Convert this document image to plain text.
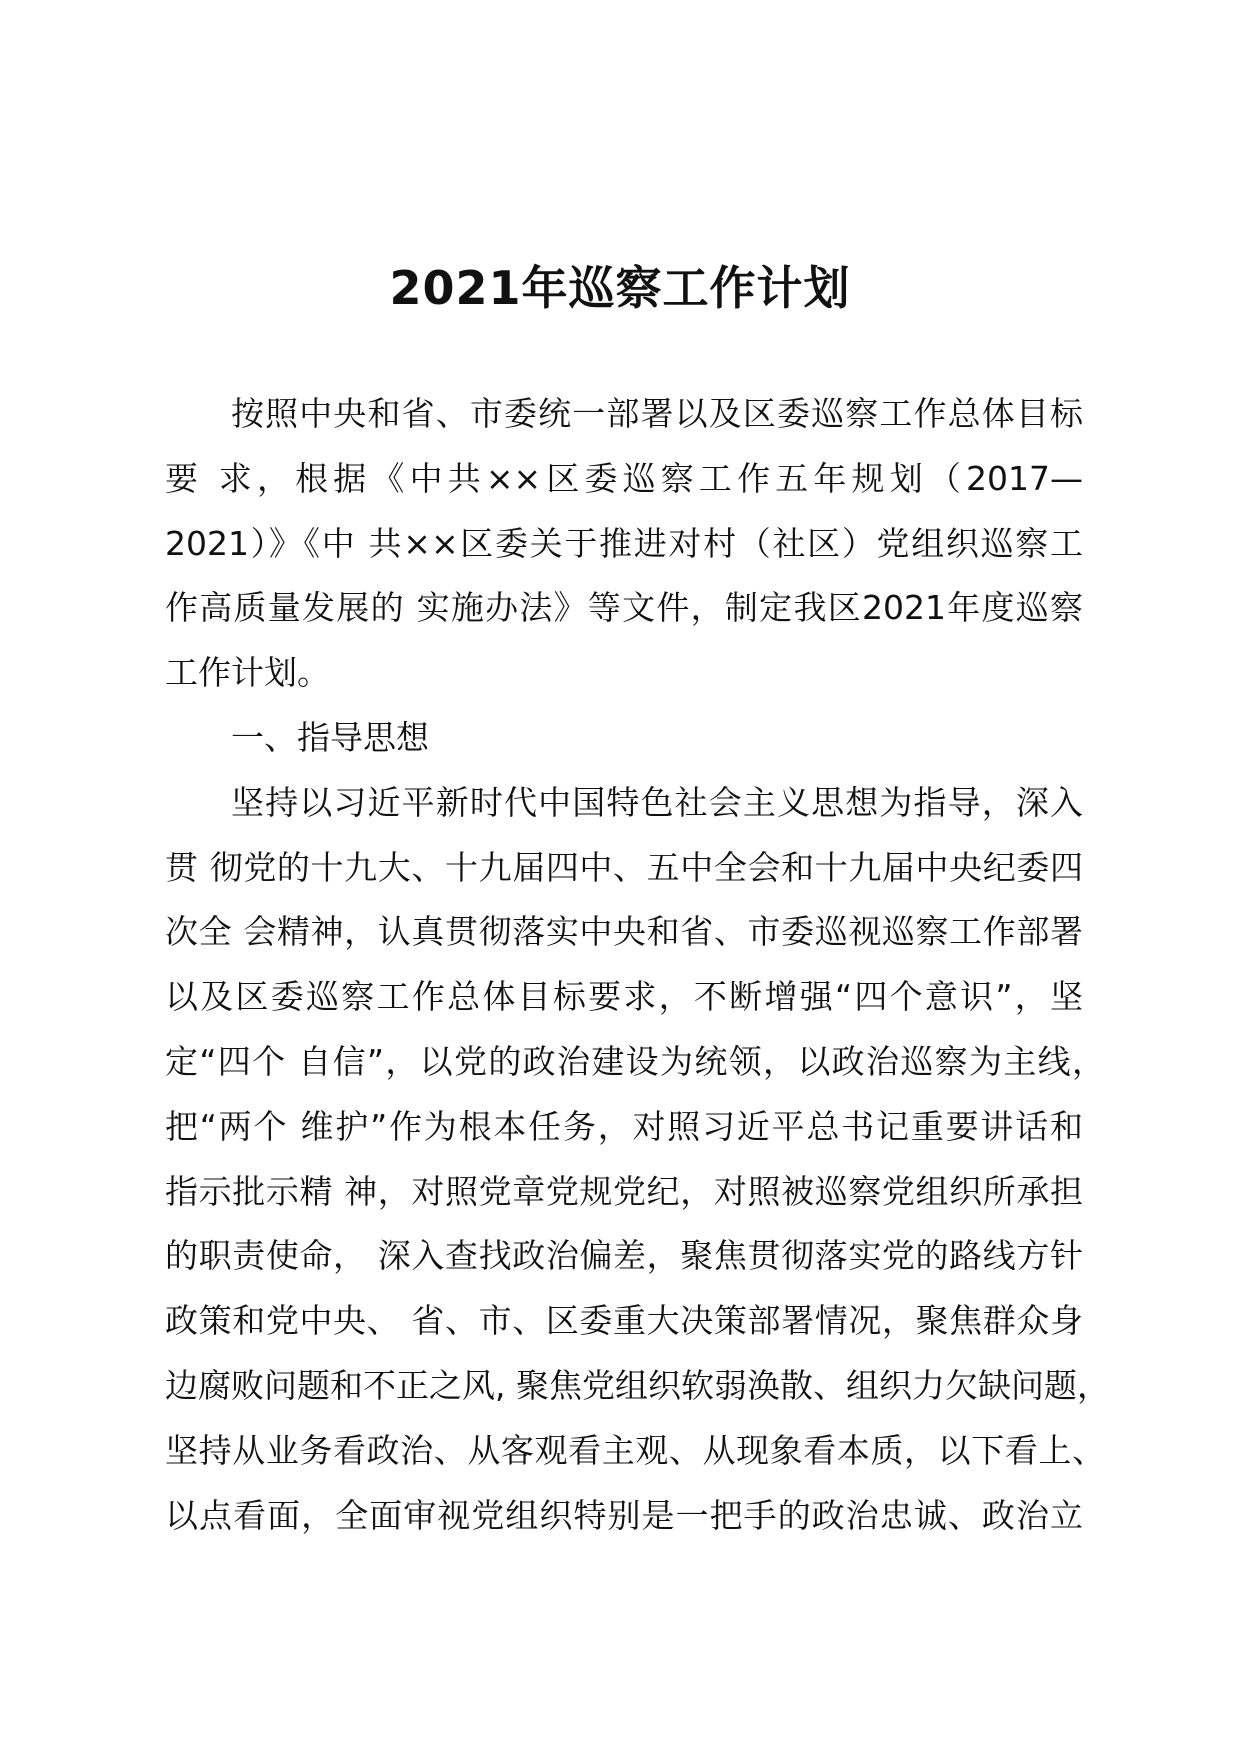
2021年巡察工作计划
按照中央和省、市委统一部署以及区委巡察工作总体目标
要 求，根据《中共××区委巡察工作五年规划（2017—
2021）》《中 共××区委关于推进对村（社区）党组织巡察工
作高质量发展的 实施办法》等文件，制定我区2021年度巡察
工作计划。
一、指导思想
坚持以习近平新时代中国特色社会主义思想为指导，深入
贯 彻党的十九大、十九届四中、五中全会和十九届中央纪委四
次全 会精神，认真贯彻落实中央和省、市委巡视巡察工作部署
以及区委巡察工作总体目标要求，不断增强“四个意识”，坚
定“四个 自信”，以党的政治建设为统领，以政治巡察为主线，
把“两个 维护”作为根本任务，对照习近平总书记重要讲话和
指示批示精 神，对照党章党规党纪，对照被巡察党组织所承担
的职责使命， 深入查找政治偏差，聚焦贯彻落实党的路线方针
政策和党中央、 省、市、区委重大决策部署情况，聚焦群众身
边腐败问题和不正之风, 聚焦党组织软弱涣散、组织力欠缺问题，
坚持从业务看政治、从客观看主观、从现象看本质，以下看上、
以点看面，全面审视党组织特别是一把手的政治忠诚、政治立
